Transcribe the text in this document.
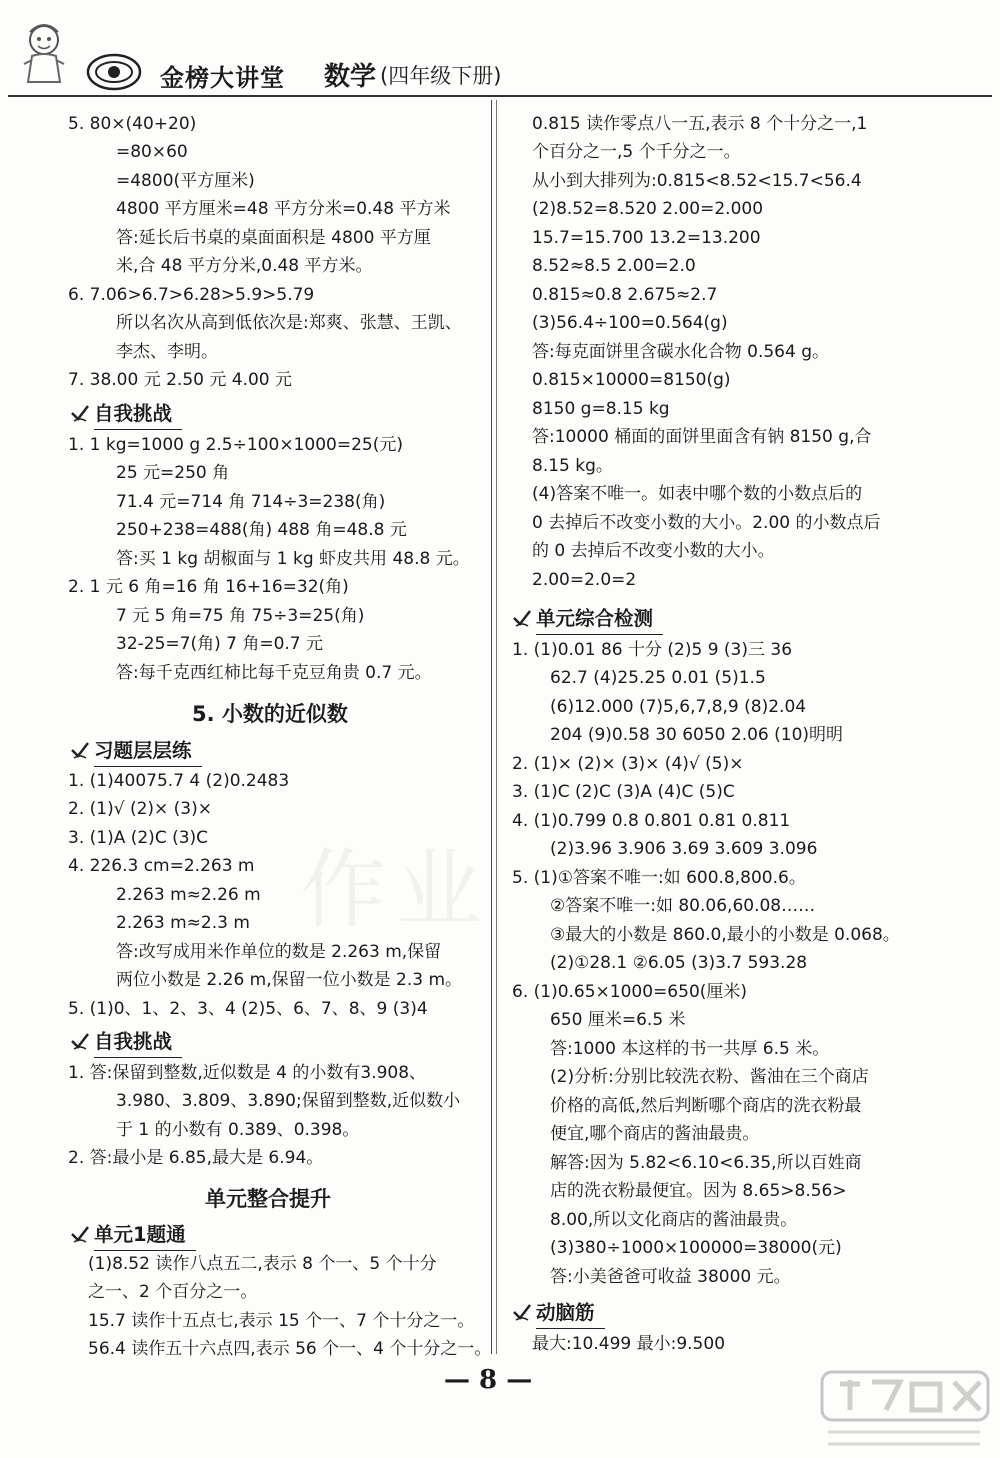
金榜大讲堂 数学 (四年级下册)
作业
5. 80×(40+20)
=80×60
=4800(平方厘米)
4800 平方厘米=48 平方分米=0.48 平方米
答:延长后书桌的桌面面积是 4800 平方厘
米,合 48 平方分米,0.48 平方米。
6. 7.06>6.7>6.28>5.9>5.79
所以名次从高到低依次是:郑爽、张慧、王凯、
李杰、李明。
7. 38.00 元 2.50 元 4.00 元
自我挑战
1. 1 kg=1000 g 2.5÷100×1000=25(元)
25 元=250 角
71.4 元=714 角 714÷3=238(角)
250+238=488(角) 488 角=48.8 元
答:买 1 kg 胡椒面与 1 kg 虾皮共用 48.8 元。
2. 1 元 6 角=16 角 16+16=32(角)
7 元 5 角=75 角 75÷3=25(角)
32-25=7(角) 7 角=0.7 元
答:每千克西红柿比每千克豆角贵 0.7 元。
5. 小数的近似数
习题层层练
1. (1)40075.7 4 (2)0.2483
2. (1)√ (2)× (3)×
3. (1)A (2)C (3)C
4. 226.3 cm=2.263 m
2.263 m≈2.26 m
2.263 m≈2.3 m
答:改写成用米作单位的数是 2.263 m,保留
两位小数是 2.26 m,保留一位小数是 2.3 m。
5. (1)0、1、2、3、4 (2)5、6、7、8、9 (3)4
自我挑战
1. 答:保留到整数,近似数是 4 的小数有3.908、
3.980、3.809、3.890;保留到整数,近似数小
于 1 的小数有 0.389、0.398。
2. 答:最小是 6.85,最大是 6.94。
单元整合提升
单元1题通
(1)8.52 读作八点五二,表示 8 个一、5 个十分
之一、2 个百分之一。
15.7 读作十五点七,表示 15 个一、7 个十分之一。
56.4 读作五十六点四,表示 56 个一、4 个十分之一。
0.815 读作零点八一五,表示 8 个十分之一,1
个百分之一,5 个千分之一。
从小到大排列为:0.815<8.52<15.7<56.4
(2)8.52=8.520 2.00=2.000
15.7=15.700 13.2=13.200
8.52≈8.5 2.00=2.0
0.815≈0.8 2.675≈2.7
(3)56.4÷100=0.564(g)
答:每克面饼里含碳水化合物 0.564 g。
0.815×10000=8150(g)
8150 g=8.15 kg
答:10000 桶面的面饼里面含有钠 8150 g,合
8.15 kg。
(4)答案不唯一。如表中哪个数的小数点后的
0 去掉后不改变小数的大小。2.00 的小数点后
的 0 去掉后不改变小数的大小。
2.00=2.0=2
单元综合检测
1. (1)0.01 86 十分 (2)5 9 (3)三 36
62.7 (4)25.25 0.01 (5)1.5
(6)12.000 (7)5,6,7,8,9 (8)2.04
204 (9)0.58 30 6050 2.06 (10)明明
2. (1)× (2)× (3)× (4)√ (5)×
3. (1)C (2)C (3)A (4)C (5)C
4. (1)0.799 0.8 0.801 0.81 0.811
(2)3.96 3.906 3.69 3.609 3.096
5. (1)①答案不唯一:如 600.8,800.6。
②答案不唯一:如 80.06,60.08……
③最大的小数是 860.0,最小的小数是 0.068。
(2)①28.1 ②6.05 (3)3.7 593.28
6. (1)0.65×1000=650(厘米)
650 厘米=6.5 米
答:1000 本这样的书一共厚 6.5 米。
(2)分析:分别比较洗衣粉、酱油在三个商店
价格的高低,然后判断哪个商店的洗衣粉最
便宜,哪个商店的酱油最贵。
解答:因为 5.82<6.10<6.35,所以百姓商
店的洗衣粉最便宜。因为 8.65>8.56>
8.00,所以文化商店的酱油最贵。
(3)380÷1000×100000=38000(元)
答:小美爸爸可收益 38000 元。
动脑筋
最大:10.499 最小:9.500
— 8 —
